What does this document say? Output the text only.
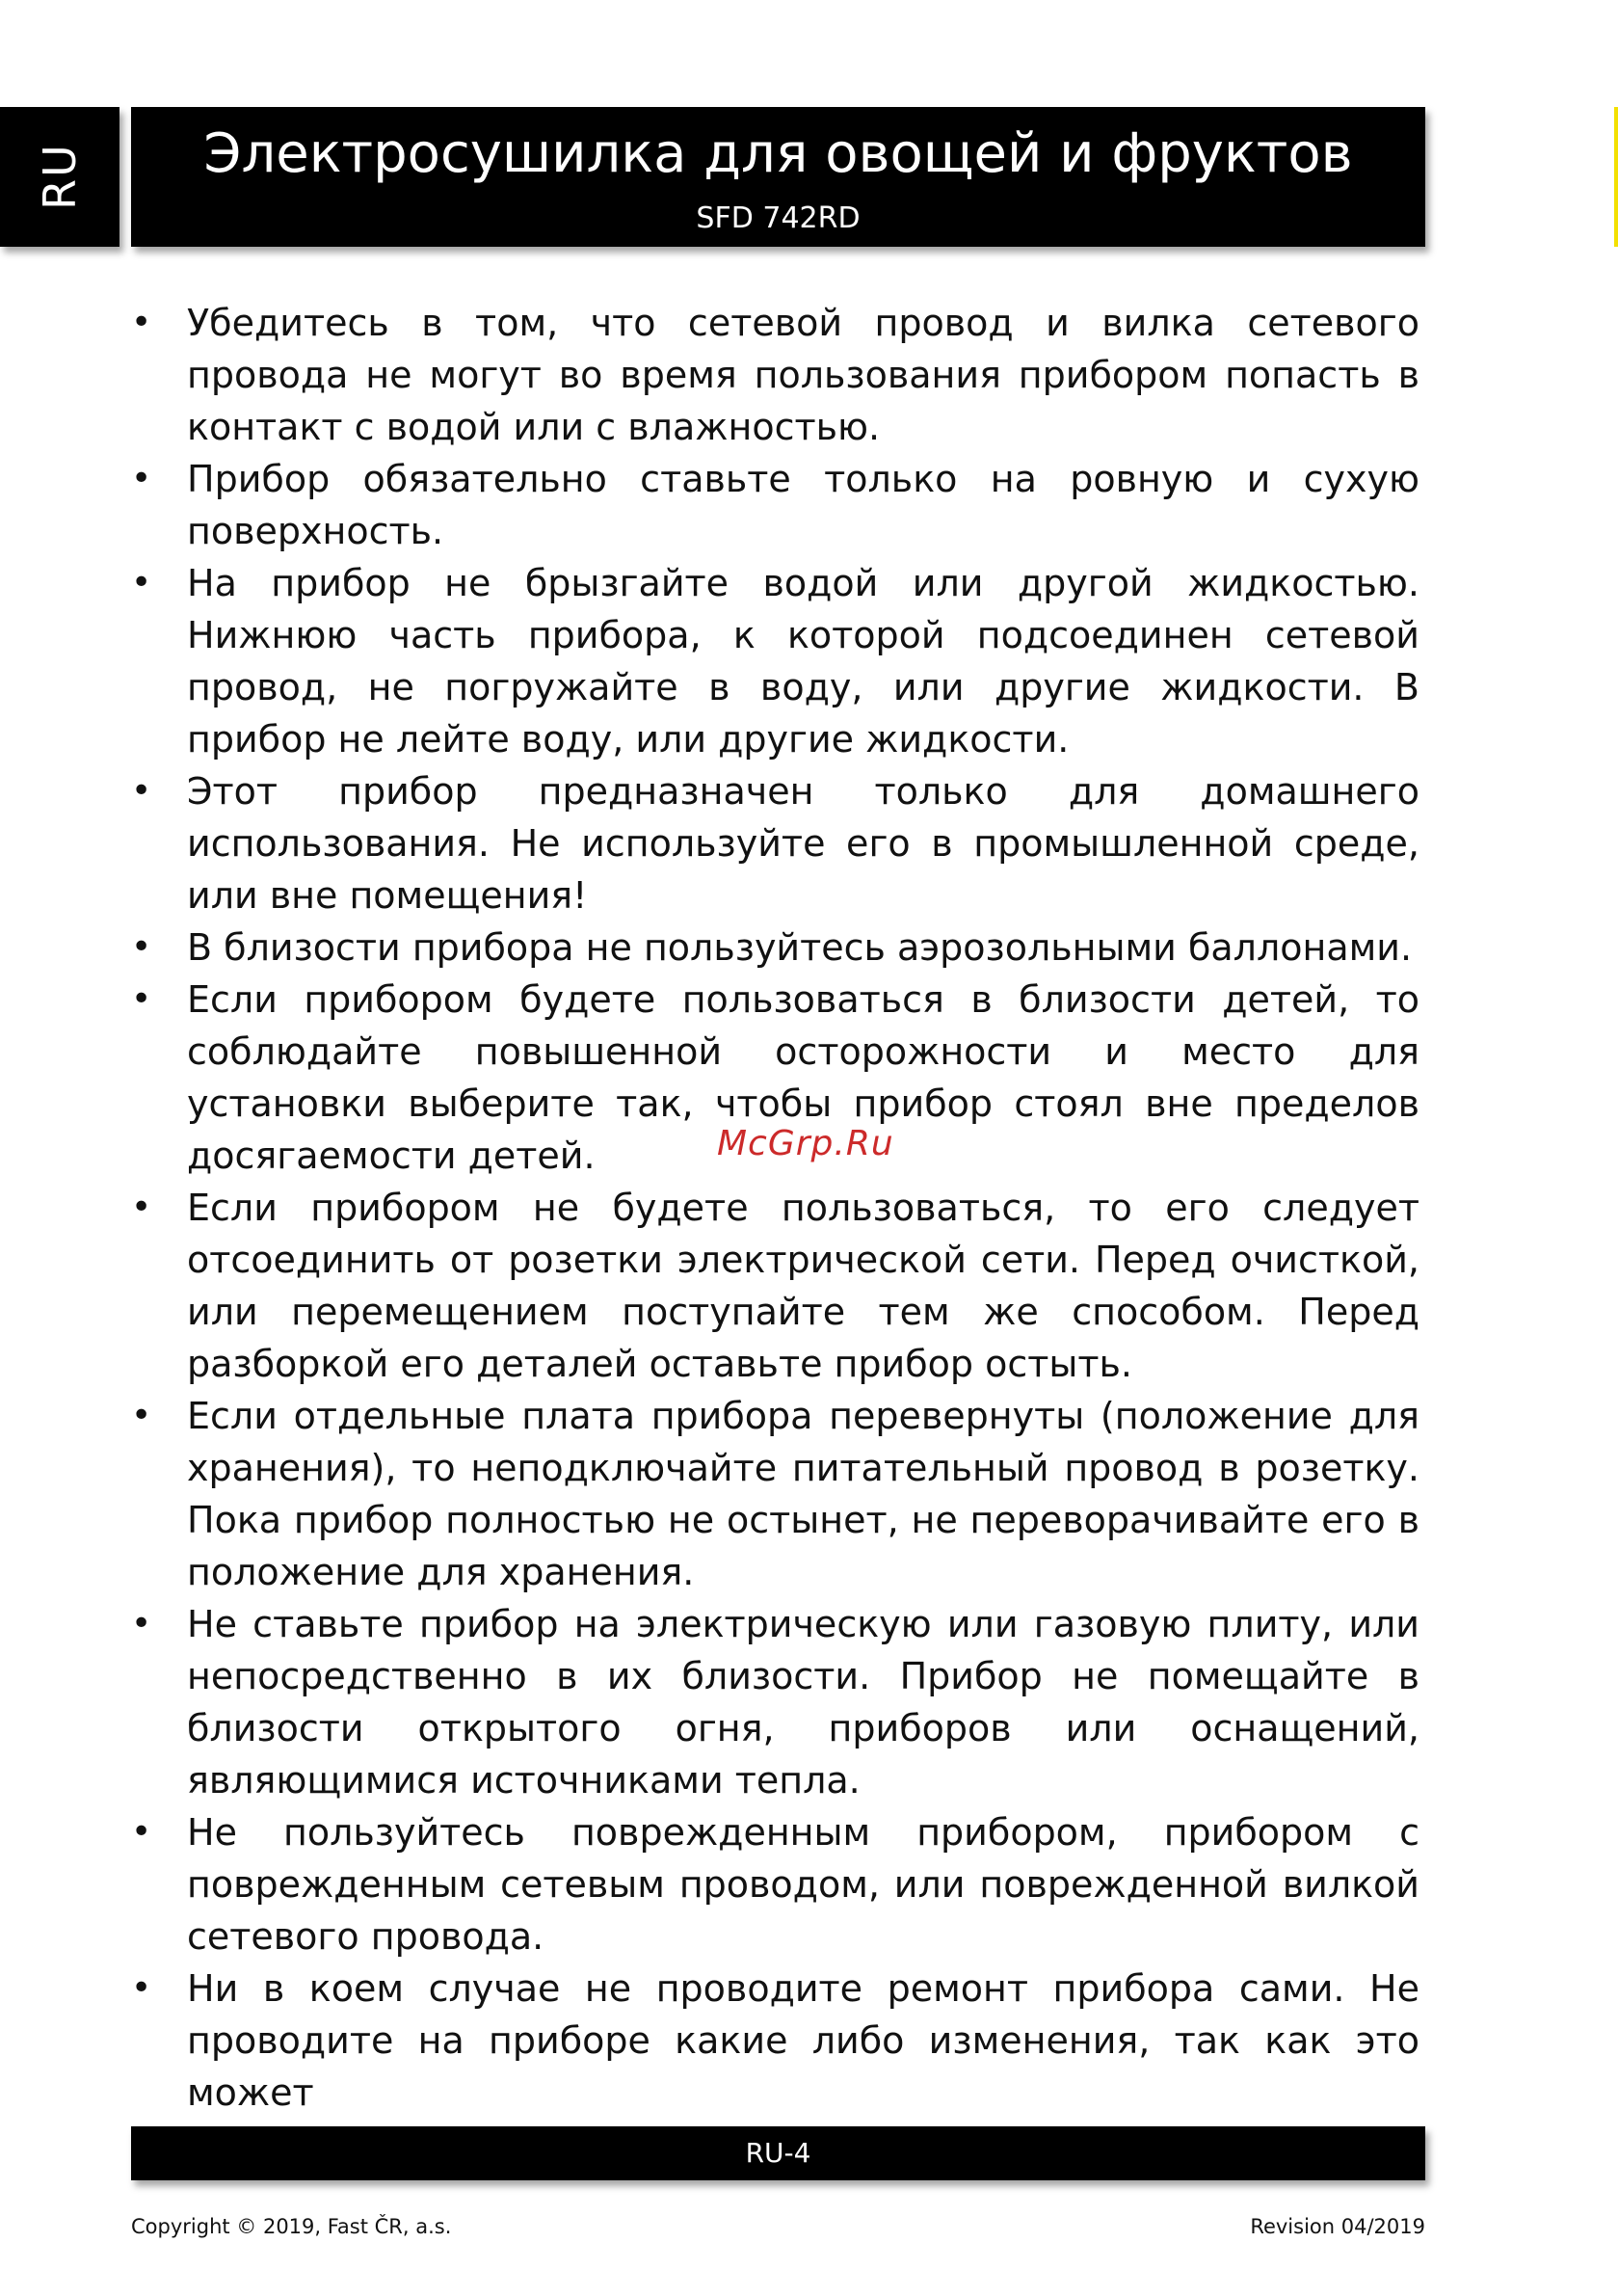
RU	Электросушилка для овощей и фруктов
SFD 742RD
• Убедитесь в том, что сетевой провод и вилка сетевого провода не могут во время пользования прибором попасть в контакт с водой или с влажностью.
• Прибор обязательно ставьте только на ровную и сухую поверхность.
• На прибор не брызгайте водой или другой жидкостью. Нижнюю часть прибора, к которой подсоединен сетевой провод, не погружайте в воду, или другие жидкости. В прибор не лейте воду, или другие жидкости.
• Этот прибор предназначен только для домашнего использования. Не используйте его в промышленной среде, или вне помещения!
• В близости прибора не пользуйтесь аэрозольными баллонами.
• Если прибором будете пользоваться в близости детей, то соблюдайте повышенной осторожности и место для установки выберите так, чтобы прибор стоял вне пределов досягаемости детей.
• Если прибором не будете пользоваться, то его следует отсоединить от розетки электрической сети. Перед очисткой, или перемещением поступайте тем же способом. Перед разборкой его деталей оставьте прибор остыть.
• Если отдельные плата прибора перевернуты (положение для хранения), то неподключайте питательный провод в розетку. Пока прибор полностью не остынет, не переворачивайте его в положение для хранения.
• Не ставьте прибор на электрическую или газовую плиту, или непосредственно в их близости. Прибор не помещайте в близости открытого огня, приборов или оснащений, являющимися источниками тепла.
• Не пользуйтесь поврежденным прибором, прибором с поврежденным сетевым проводом, или поврежденной вилкой сетевого провода.
• Ни в коем случае не проводите ремонт прибора сами. Не проводите на приборе какие либо изменения, так как это может
McGrp.Ru
RU-4
Copyright © 2019, Fast ČR, a.s.	Revision 04/2019
